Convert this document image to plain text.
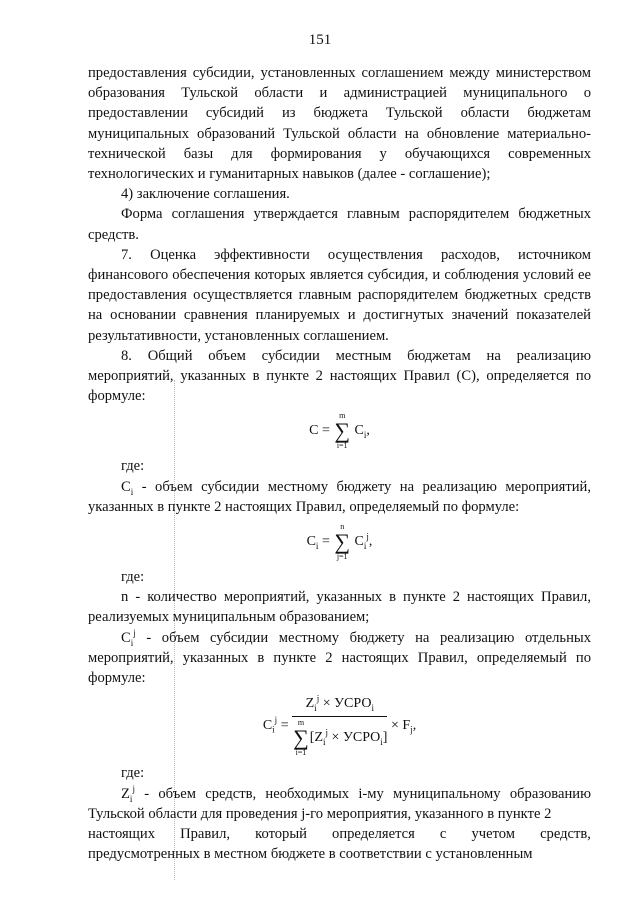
151

предоставления субсидии, установленных соглашением между министерством образования Тульской области и администрацией муниципального о предоставлении субсидий из бюджета Тульской области бюджетам муниципальных образований Тульской области на обновление материально-технической базы для формирования у обучающихся современных технологических и гуманитарных навыков (далее - соглашение);

4) заключение соглашения.

Форма соглашения утверждается главным распорядителем бюджетных средств.

7. Оценка эффективности осуществления расходов, источником финансового обеспечения которых является субсидия, и соблюдения условий ее предоставления осуществляется главным распорядителем бюджетных средств на основании сравнения планируемых и достигнутых значений показателей результативности, установленных соглашением.

8. Общий объем субсидии местным бюджетам на реализацию мероприятий, указанных в пункте 2 настоящих Правил (С), определяется по формуле:

C =
m
∑
i=1
$C_i$,

где:

$C_i$ - объем субсидии местному бюджету на реализацию мероприятий, указанных в пункте 2 настоящих Правил, определяемый по формуле:

$C_i$ =
n
∑
j=1
$C_i^j$,

где:

n - количество мероприятий, указанных в пункте 2 настоящих Правил, реализуемых муниципальным образованием;

$C_i^j$ - объем субсидии местному бюджету на реализацию отдельных мероприятий, указанных в пункте 2 настоящих Правил, определяемый по формуле:

$C_i^j$ =
$Z_i^j$ × $УСРО_i$
m
∑
i=1
[$Z_i^j$ × $УСРО_i$]
× $F_j$,

где:

$Z_i^j$ - объем средств, необходимых i-му муниципальному образованию Тульской области для проведения j-го мероприятия, указанного в пункте 2

настоящих Правил, который определяется с учетом средств,

предусмотренных в местном бюджете в соответствии с установленным
